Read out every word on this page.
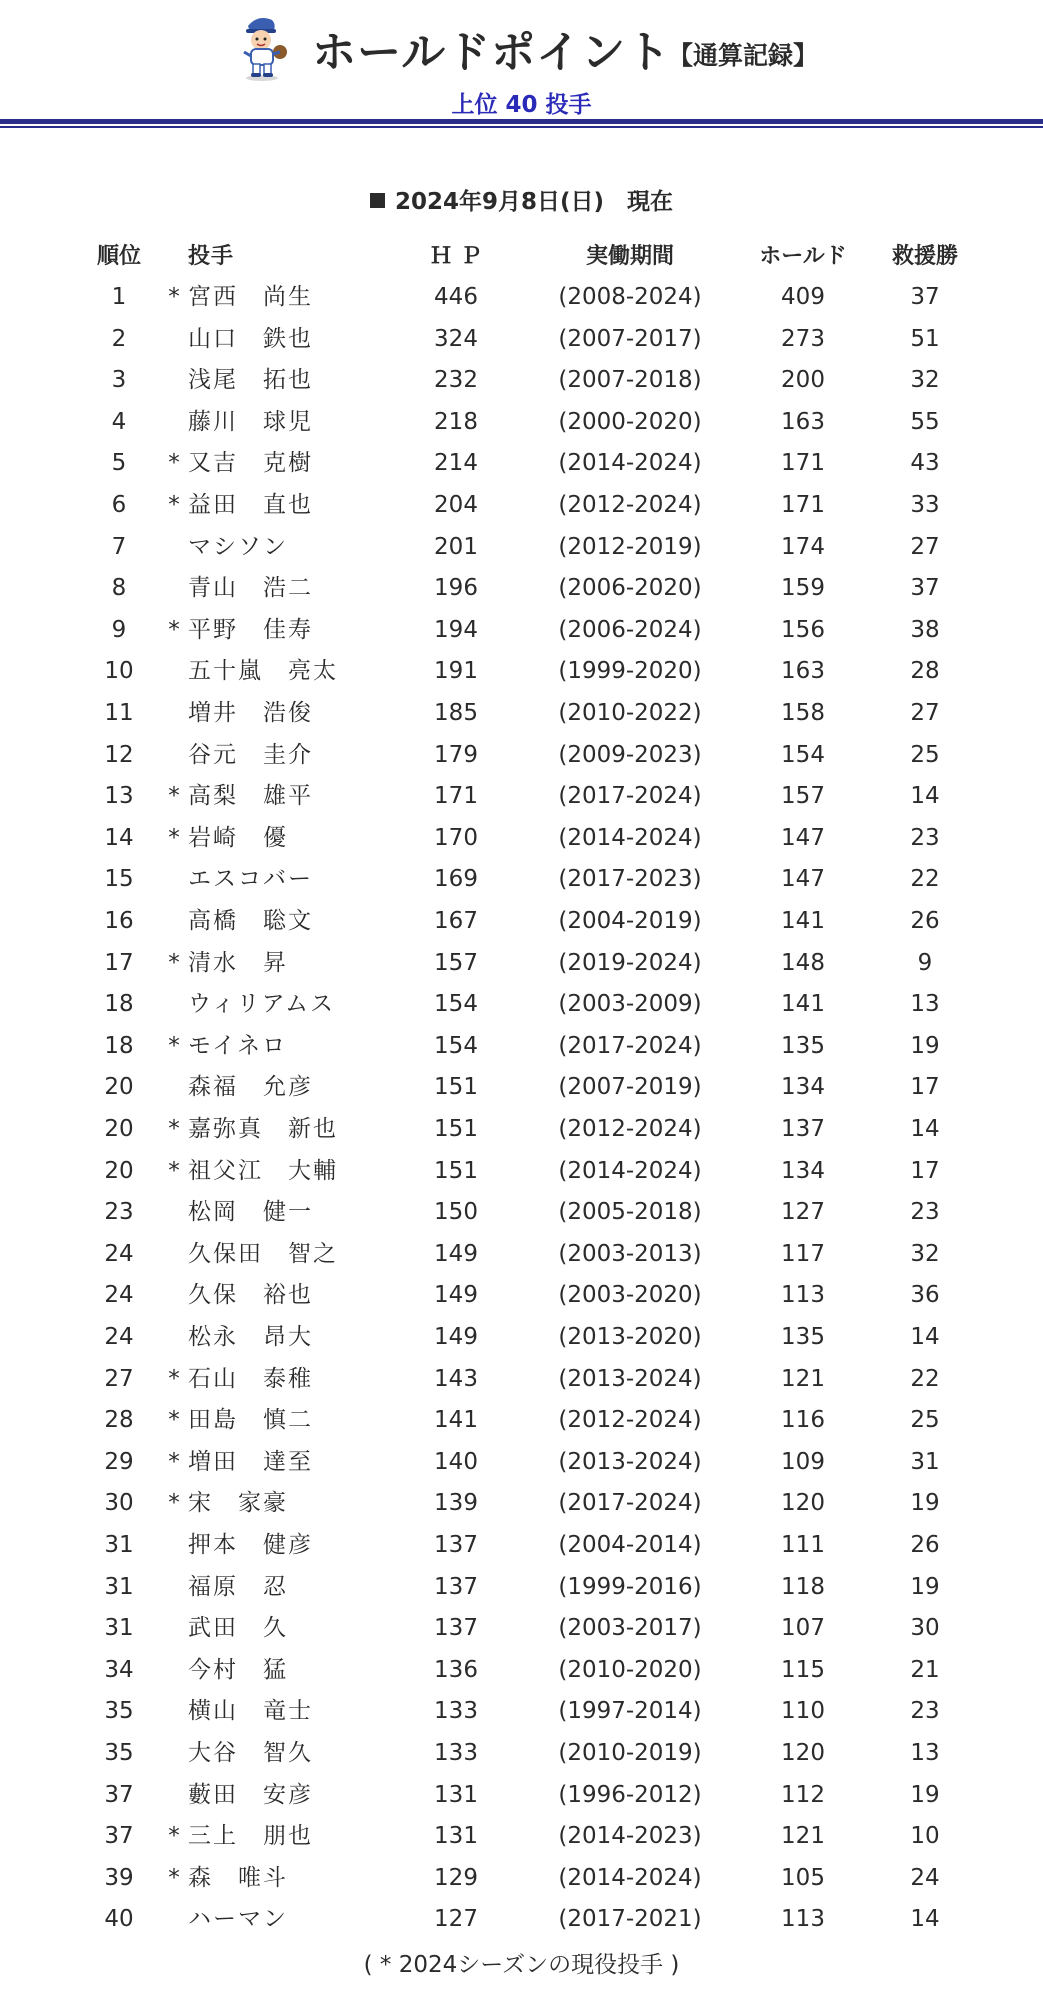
ホールドポイント
【通算記録】
上位 40 投手
2024年9月8日(日)　現在
順位	投手	ＨＰ	実働期間	ホールド	救援勝
1	* 宮西　尚生	446	(2008-2024)	409	37
2	山口　鉄也	324	(2007-2017)	273	51
3	浅尾　拓也	232	(2007-2018)	200	32
4	藤川　球児	218	(2000-2020)	163	55
5	* 又吉　克樹	214	(2014-2024)	171	43
6	* 益田　直也	204	(2012-2024)	171	33
7	マシソン	201	(2012-2019)	174	27
8	青山　浩二	196	(2006-2020)	159	37
9	* 平野　佳寿	194	(2006-2024)	156	38
10	五十嵐　亮太	191	(1999-2020)	163	28
11	増井　浩俊	185	(2010-2022)	158	27
12	谷元　圭介	179	(2009-2023)	154	25
13	* 高梨　雄平	171	(2017-2024)	157	14
14	* 岩崎　優	170	(2014-2024)	147	23
15	エスコバー	169	(2017-2023)	147	22
16	高橋　聡文	167	(2004-2019)	141	26
17	* 清水　昇	157	(2019-2024)	148	9
18	ウィリアムス	154	(2003-2009)	141	13
18	* モイネロ	154	(2017-2024)	135	19
20	森福　允彦	151	(2007-2019)	134	17
20	* 嘉弥真　新也	151	(2012-2024)	137	14
20	* 祖父江　大輔	151	(2014-2024)	134	17
23	松岡　健一	150	(2005-2018)	127	23
24	久保田　智之	149	(2003-2013)	117	32
24	久保　裕也	149	(2003-2020)	113	36
24	松永　昂大	149	(2013-2020)	135	14
27	* 石山　泰稚	143	(2013-2024)	121	22
28	* 田島　慎二	141	(2012-2024)	116	25
29	* 増田　達至	140	(2013-2024)	109	31
30	* 宋　家豪	139	(2017-2024)	120	19
31	押本　健彦	137	(2004-2014)	111	26
31	福原　忍	137	(1999-2016)	118	19
31	武田　久	137	(2003-2017)	107	30
34	今村　猛	136	(2010-2020)	115	21
35	横山　竜士	133	(1997-2014)	110	23
35	大谷　智久	133	(2010-2019)	120	13
37	藪田　安彦	131	(1996-2012)	112	19
37	* 三上　朋也	131	(2014-2023)	121	10
39	* 森　唯斗	129	(2014-2024)	105	24
40	ハーマン	127	(2017-2021)	113	14
( * 2024シーズンの現役投手 )
